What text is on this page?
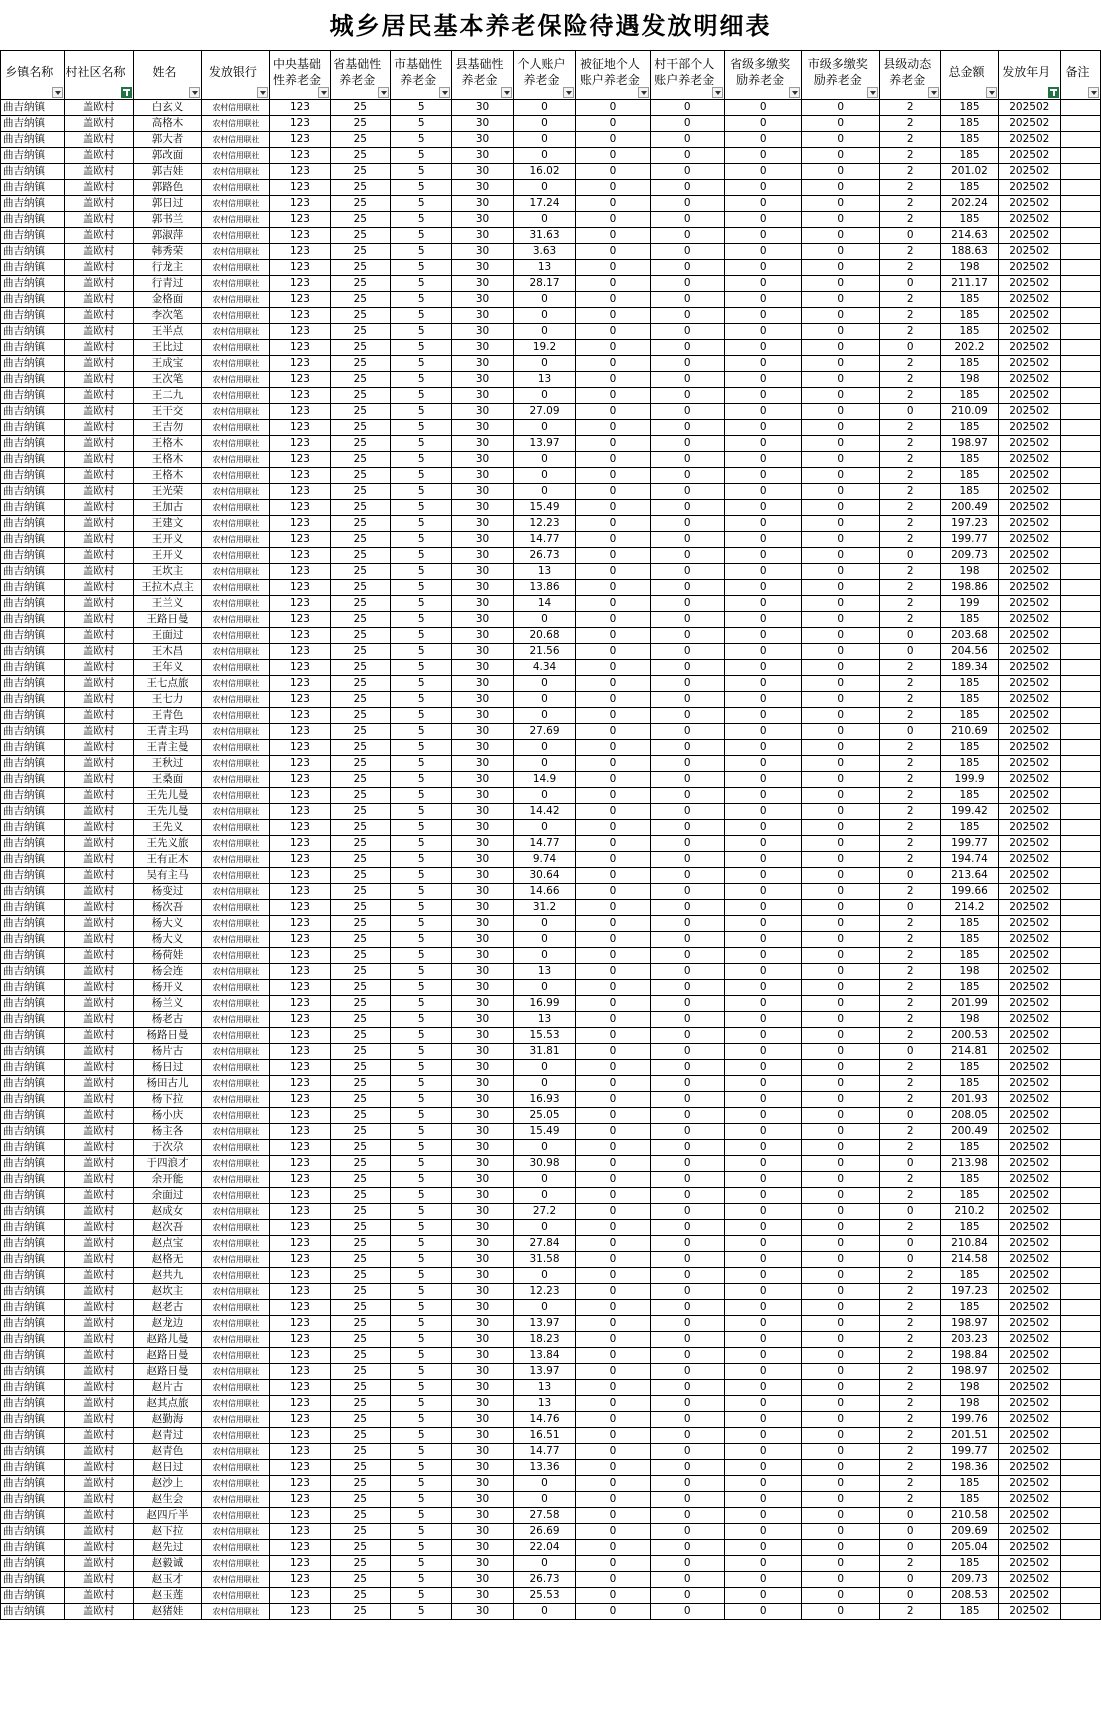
城乡居民基本养老保险待遇发放明细表
乡镇名称	村社区名称	姓名	发放银行	中央基础性养老金	省基础性养老金	市基础性养老金	县基础性养老金	个人账户养老金	被征地个人账户养老金	村干部个人账户养老金	省级多缴奖励养老金	市级多缴奖励养老金	县级动态养老金	总金额	发放年月	备注

曲吉纳镇	盖欧村	白玄义	农村信用联社	123	25	5	30	0	0	0	0	0	2	185	202502	
曲吉纳镇	盖欧村	高格木	农村信用联社	123	25	5	30	0	0	0	0	0	2	185	202502	
曲吉纳镇	盖欧村	郭大者	农村信用联社	123	25	5	30	0	0	0	0	0	2	185	202502	
曲吉纳镇	盖欧村	郭改面	农村信用联社	123	25	5	30	0	0	0	0	0	2	185	202502	
曲吉纳镇	盖欧村	郭吉娃	农村信用联社	123	25	5	30	16.02	0	0	0	0	2	201.02	202502	
曲吉纳镇	盖欧村	郭路色	农村信用联社	123	25	5	30	0	0	0	0	0	2	185	202502	
曲吉纳镇	盖欧村	郭日过	农村信用联社	123	25	5	30	17.24	0	0	0	0	2	202.24	202502	
曲吉纳镇	盖欧村	郭书兰	农村信用联社	123	25	5	30	0	0	0	0	0	2	185	202502	
曲吉纳镇	盖欧村	郭淑萍	农村信用联社	123	25	5	30	31.63	0	0	0	0	0	214.63	202502	
曲吉纳镇	盖欧村	韩秀荣	农村信用联社	123	25	5	30	3.63	0	0	0	0	2	188.63	202502	
曲吉纳镇	盖欧村	行龙主	农村信用联社	123	25	5	30	13	0	0	0	0	2	198	202502	
曲吉纳镇	盖欧村	行青过	农村信用联社	123	25	5	30	28.17	0	0	0	0	0	211.17	202502	
曲吉纳镇	盖欧村	金格面	农村信用联社	123	25	5	30	0	0	0	0	0	2	185	202502	
曲吉纳镇	盖欧村	李次笔	农村信用联社	123	25	5	30	0	0	0	0	0	2	185	202502	
曲吉纳镇	盖欧村	王半点	农村信用联社	123	25	5	30	0	0	0	0	0	2	185	202502	
曲吉纳镇	盖欧村	王比过	农村信用联社	123	25	5	30	19.2	0	0	0	0	0	202.2	202502	
曲吉纳镇	盖欧村	王成宝	农村信用联社	123	25	5	30	0	0	0	0	0	2	185	202502	
曲吉纳镇	盖欧村	王次笔	农村信用联社	123	25	5	30	13	0	0	0	0	2	198	202502	
曲吉纳镇	盖欧村	王二九	农村信用联社	123	25	5	30	0	0	0	0	0	2	185	202502	
曲吉纳镇	盖欧村	王干交	农村信用联社	123	25	5	30	27.09	0	0	0	0	0	210.09	202502	
曲吉纳镇	盖欧村	王吉勿	农村信用联社	123	25	5	30	0	0	0	0	0	2	185	202502	
曲吉纳镇	盖欧村	王格木	农村信用联社	123	25	5	30	13.97	0	0	0	0	2	198.97	202502	
曲吉纳镇	盖欧村	王格木	农村信用联社	123	25	5	30	0	0	0	0	0	2	185	202502	
曲吉纳镇	盖欧村	王格木	农村信用联社	123	25	5	30	0	0	0	0	0	2	185	202502	
曲吉纳镇	盖欧村	王光荣	农村信用联社	123	25	5	30	0	0	0	0	0	2	185	202502	
曲吉纳镇	盖欧村	王加古	农村信用联社	123	25	5	30	15.49	0	0	0	0	2	200.49	202502	
曲吉纳镇	盖欧村	王建文	农村信用联社	123	25	5	30	12.23	0	0	0	0	2	197.23	202502	
曲吉纳镇	盖欧村	王开义	农村信用联社	123	25	5	30	14.77	0	0	0	0	2	199.77	202502	
曲吉纳镇	盖欧村	王开义	农村信用联社	123	25	5	30	26.73	0	0	0	0	0	209.73	202502	
曲吉纳镇	盖欧村	王坎主	农村信用联社	123	25	5	30	13	0	0	0	0	2	198	202502	
曲吉纳镇	盖欧村	王拉木点主	农村信用联社	123	25	5	30	13.86	0	0	0	0	2	198.86	202502	
曲吉纳镇	盖欧村	王兰义	农村信用联社	123	25	5	30	14	0	0	0	0	2	199	202502	
曲吉纳镇	盖欧村	王路日曼	农村信用联社	123	25	5	30	0	0	0	0	0	2	185	202502	
曲吉纳镇	盖欧村	王面过	农村信用联社	123	25	5	30	20.68	0	0	0	0	0	203.68	202502	
曲吉纳镇	盖欧村	王木昌	农村信用联社	123	25	5	30	21.56	0	0	0	0	0	204.56	202502	
曲吉纳镇	盖欧村	王年义	农村信用联社	123	25	5	30	4.34	0	0	0	0	2	189.34	202502	
曲吉纳镇	盖欧村	王七点旅	农村信用联社	123	25	5	30	0	0	0	0	0	2	185	202502	
曲吉纳镇	盖欧村	王七力	农村信用联社	123	25	5	30	0	0	0	0	0	2	185	202502	
曲吉纳镇	盖欧村	王青色	农村信用联社	123	25	5	30	0	0	0	0	0	2	185	202502	
曲吉纳镇	盖欧村	王青主玛	农村信用联社	123	25	5	30	27.69	0	0	0	0	0	210.69	202502	
曲吉纳镇	盖欧村	王青主曼	农村信用联社	123	25	5	30	0	0	0	0	0	2	185	202502	
曲吉纳镇	盖欧村	王秋过	农村信用联社	123	25	5	30	0	0	0	0	0	2	185	202502	
曲吉纳镇	盖欧村	王桑面	农村信用联社	123	25	5	30	14.9	0	0	0	0	2	199.9	202502	
曲吉纳镇	盖欧村	王先儿曼	农村信用联社	123	25	5	30	0	0	0	0	0	2	185	202502	
曲吉纳镇	盖欧村	王先儿曼	农村信用联社	123	25	5	30	14.42	0	0	0	0	2	199.42	202502	
曲吉纳镇	盖欧村	王先义	农村信用联社	123	25	5	30	0	0	0	0	0	2	185	202502	
曲吉纳镇	盖欧村	王先义旅	农村信用联社	123	25	5	30	14.77	0	0	0	0	2	199.77	202502	
曲吉纳镇	盖欧村	王有正木	农村信用联社	123	25	5	30	9.74	0	0	0	0	2	194.74	202502	
曲吉纳镇	盖欧村	吴有主马	农村信用联社	123	25	5	30	30.64	0	0	0	0	0	213.64	202502	
曲吉纳镇	盖欧村	杨变过	农村信用联社	123	25	5	30	14.66	0	0	0	0	2	199.66	202502	
曲吉纳镇	盖欧村	杨次吾	农村信用联社	123	25	5	30	31.2	0	0	0	0	0	214.2	202502	
曲吉纳镇	盖欧村	杨大义	农村信用联社	123	25	5	30	0	0	0	0	0	2	185	202502	
曲吉纳镇	盖欧村	杨大义	农村信用联社	123	25	5	30	0	0	0	0	0	2	185	202502	
曲吉纳镇	盖欧村	杨荷娃	农村信用联社	123	25	5	30	0	0	0	0	0	2	185	202502	
曲吉纳镇	盖欧村	杨会连	农村信用联社	123	25	5	30	13	0	0	0	0	2	198	202502	
曲吉纳镇	盖欧村	杨开义	农村信用联社	123	25	5	30	0	0	0	0	0	2	185	202502	
曲吉纳镇	盖欧村	杨兰义	农村信用联社	123	25	5	30	16.99	0	0	0	0	2	201.99	202502	
曲吉纳镇	盖欧村	杨老古	农村信用联社	123	25	5	30	13	0	0	0	0	2	198	202502	
曲吉纳镇	盖欧村	杨路日曼	农村信用联社	123	25	5	30	15.53	0	0	0	0	2	200.53	202502	
曲吉纳镇	盖欧村	杨片古	农村信用联社	123	25	5	30	31.81	0	0	0	0	0	214.81	202502	
曲吉纳镇	盖欧村	杨日过	农村信用联社	123	25	5	30	0	0	0	0	0	2	185	202502	
曲吉纳镇	盖欧村	杨田古儿	农村信用联社	123	25	5	30	0	0	0	0	0	2	185	202502	
曲吉纳镇	盖欧村	杨下拉	农村信用联社	123	25	5	30	16.93	0	0	0	0	2	201.93	202502	
曲吉纳镇	盖欧村	杨小庆	农村信用联社	123	25	5	30	25.05	0	0	0	0	0	208.05	202502	
曲吉纳镇	盖欧村	杨主各	农村信用联社	123	25	5	30	15.49	0	0	0	0	2	200.49	202502	
曲吉纳镇	盖欧村	于次尕	农村信用联社	123	25	5	30	0	0	0	0	0	2	185	202502	
曲吉纳镇	盖欧村	于四浪才	农村信用联社	123	25	5	30	30.98	0	0	0	0	0	213.98	202502	
曲吉纳镇	盖欧村	余开能	农村信用联社	123	25	5	30	0	0	0	0	0	2	185	202502	
曲吉纳镇	盖欧村	余面过	农村信用联社	123	25	5	30	0	0	0	0	0	2	185	202502	
曲吉纳镇	盖欧村	赵成女	农村信用联社	123	25	5	30	27.2	0	0	0	0	0	210.2	202502	
曲吉纳镇	盖欧村	赵次吾	农村信用联社	123	25	5	30	0	0	0	0	0	2	185	202502	
曲吉纳镇	盖欧村	赵点宝	农村信用联社	123	25	5	30	27.84	0	0	0	0	0	210.84	202502	
曲吉纳镇	盖欧村	赵格无	农村信用联社	123	25	5	30	31.58	0	0	0	0	0	214.58	202502	
曲吉纳镇	盖欧村	赵共九	农村信用联社	123	25	5	30	0	0	0	0	0	2	185	202502	
曲吉纳镇	盖欧村	赵坎主	农村信用联社	123	25	5	30	12.23	0	0	0	0	2	197.23	202502	
曲吉纳镇	盖欧村	赵老古	农村信用联社	123	25	5	30	0	0	0	0	0	2	185	202502	
曲吉纳镇	盖欧村	赵龙边	农村信用联社	123	25	5	30	13.97	0	0	0	0	2	198.97	202502	
曲吉纳镇	盖欧村	赵路儿曼	农村信用联社	123	25	5	30	18.23	0	0	0	0	2	203.23	202502	
曲吉纳镇	盖欧村	赵路日曼	农村信用联社	123	25	5	30	13.84	0	0	0	0	2	198.84	202502	
曲吉纳镇	盖欧村	赵路日曼	农村信用联社	123	25	5	30	13.97	0	0	0	0	2	198.97	202502	
曲吉纳镇	盖欧村	赵片古	农村信用联社	123	25	5	30	13	0	0	0	0	2	198	202502	
曲吉纳镇	盖欧村	赵其点旅	农村信用联社	123	25	5	30	13	0	0	0	0	2	198	202502	
曲吉纳镇	盖欧村	赵勤海	农村信用联社	123	25	5	30	14.76	0	0	0	0	2	199.76	202502	
曲吉纳镇	盖欧村	赵青过	农村信用联社	123	25	5	30	16.51	0	0	0	0	2	201.51	202502	
曲吉纳镇	盖欧村	赵青色	农村信用联社	123	25	5	30	14.77	0	0	0	0	2	199.77	202502	
曲吉纳镇	盖欧村	赵日过	农村信用联社	123	25	5	30	13.36	0	0	0	0	2	198.36	202502	
曲吉纳镇	盖欧村	赵沙上	农村信用联社	123	25	5	30	0	0	0	0	0	2	185	202502	
曲吉纳镇	盖欧村	赵生会	农村信用联社	123	25	5	30	0	0	0	0	0	2	185	202502	
曲吉纳镇	盖欧村	赵四斤半	农村信用联社	123	25	5	30	27.58	0	0	0	0	0	210.58	202502	
曲吉纳镇	盖欧村	赵下拉	农村信用联社	123	25	5	30	26.69	0	0	0	0	0	209.69	202502	
曲吉纳镇	盖欧村	赵先过	农村信用联社	123	25	5	30	22.04	0	0	0	0	0	205.04	202502	
曲吉纳镇	盖欧村	赵毅诚	农村信用联社	123	25	5	30	0	0	0	0	0	2	185	202502	
曲吉纳镇	盖欧村	赵玉才	农村信用联社	123	25	5	30	26.73	0	0	0	0	0	209.73	202502	
曲吉纳镇	盖欧村	赵玉莲	农村信用联社	123	25	5	30	25.53	0	0	0	0	0	208.53	202502	
曲吉纳镇	盖欧村	赵猪娃	农村信用联社	123	25	5	30	0	0	0	0	0	2	185	202502	
